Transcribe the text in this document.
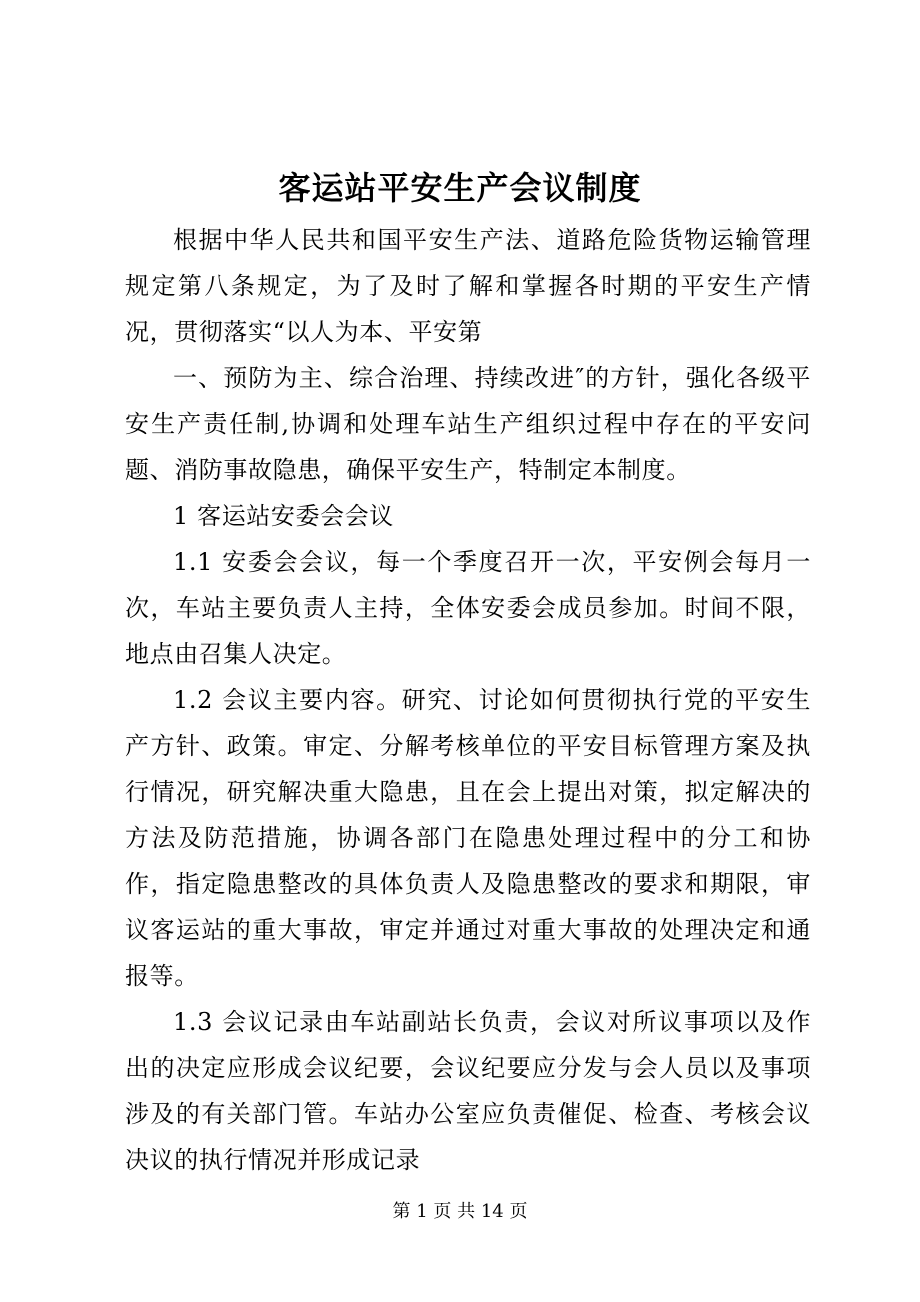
客运站平安生产会议制度

根据中华人民共和国平安生产法、道路危险货物运输管理规定第八条规定，为了及时了解和掌握各时期的平安生产情况，贯彻落实“以人为本、平安第

一、预防为主、综合治理、持续改进″的方针，强化各级平安生产责任制,协调和处理车站生产组织过程中存在的平安问题、消防事故隐患，确保平安生产，特制定本制度。

1 客运站安委会会议

1.1 安委会会议，每一个季度召开一次，平安例会每月一次，车站主要负责人主持，全体安委会成员参加。时间不限，地点由召集人决定。

1.2 会议主要内容。研究、讨论如何贯彻执行党的平安生产方针、政策。审定、分解考核单位的平安目标管理方案及执行情况，研究解决重大隐患，且在会上提出对策，拟定解决的方法及防范措施，协调各部门在隐患处理过程中的分工和协作，指定隐患整改的具体负责人及隐患整改的要求和期限，审议客运站的重大事故，审定并通过对重大事故的处理决定和通报等。

1.3 会议记录由车站副站长负责，会议对所议事项以及作出的决定应形成会议纪要，会议纪要应分发与会人员以及事项涉及的有关部门管。车站办公室应负责催促、检查、考核会议决议的执行情况并形成记录

第 1 页 共 14 页
